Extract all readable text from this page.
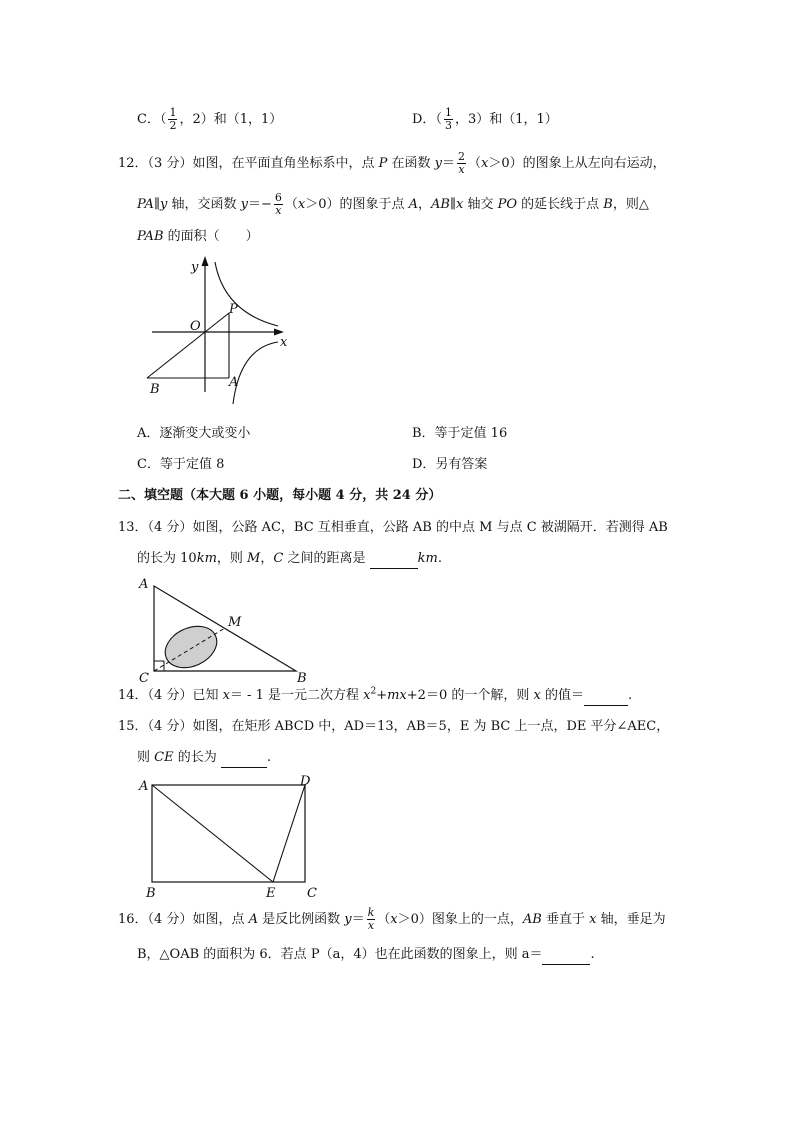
C．（ $\frac{1}{2}$ ，2）和（1，1）	D．（ $\frac{1}{3}$ ，3）和（1，1）
12．（3 分）如图，在平面直角坐标系中，点 P 在函数 $y= \frac{2}{x} (x>0)$的图象上从左向右运动，
PA∥y 轴，交函数 $y=- \frac{6}{x} (x>0)$的图象于点 A，AB∥x 轴交 PO 的延长线于点 B，则△
PAB 的面积（　　）
y
x
O
P
A
B
A．逐渐变大或变小	B．等于定值 16
C．等于定值 8	D．另有答案
二、填空题（本大题 6 小题，每小题 4 分，共 24 分）
13．（4 分）如图，公路 AC，BC 互相垂直，公路 AB 的中点 M 与点 C 被湖隔开．若测得 AB
的长为 10km，则 M，C 之间的距离是	km.
A
M
C	B
14．（4 分）已知 x＝ - 1 是一元二次方程 $x^2+mx+2=0$ 的一个解，则 x 的值＝	.
15．（4 分）如图，在矩形 ABCD 中，AD＝13，AB＝5，E 为 BC 上一点，DE 平分∠AEC，
则 CE 的长为	.
A	D
B	E C
16．（4 分）如图，点 A 是反比例函数 $y= \frac{k}{x} (x>0)$图象上的一点，AB 垂直于 x 轴，垂足为
B，△OAB 的面积为 6．若点 P（a，4）也在此函数的图象上，则 a＝	.
